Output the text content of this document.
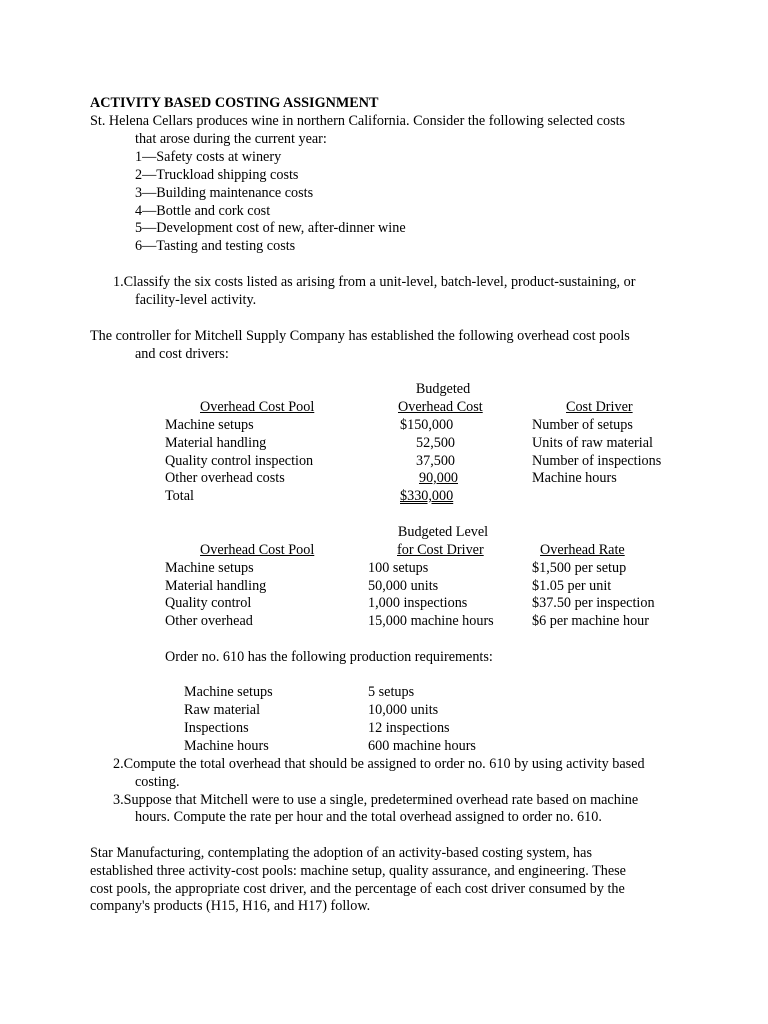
ACTIVITY BASED COSTING ASSIGNMENT
St. Helena Cellars produces wine in northern California. Consider the following selected costs
that arose during the current year:
1—Safety costs at winery
2—Truckload shipping costs
3—Building maintenance costs
4—Bottle and cork cost
5—Development cost of new, after-dinner wine
6—Tasting and testing costs
1.Classify the six costs listed as arising from a unit-level, batch-level, product-sustaining, or
facility-level activity.
The controller for Mitchell Supply Company has established the following overhead cost pools
and cost drivers:
Budgeted
Overhead Cost Pool	Overhead Cost	Cost Driver
Machine setups	$150,000	Number of setups
Material handling	52,500	Units of raw material
Quality control inspection	37,500	Number of inspections
Other overhead costs	90,000	Machine hours
Total	$330,000
Budgeted Level
Overhead Cost Pool	for Cost Driver	Overhead Rate
Machine setups	100 setups	$1,500 per setup
Material handling	50,000 units	$1.05 per unit
Quality control	1,000 inspections	$37.50 per inspection
Other overhead	15,000 machine hours	$6 per machine hour
Order no. 610 has the following production requirements:
Machine setups	5 setups
Raw material	10,000 units
Inspections	12 inspections
Machine hours	600 machine hours
2.Compute the total overhead that should be assigned to order no. 610 by using activity based
costing.
3.Suppose that Mitchell were to use a single, predetermined overhead rate based on machine
hours. Compute the rate per hour and the total overhead assigned to order no. 610.
Star Manufacturing, contemplating the adoption of an activity-based costing system, has
established three activity-cost pools: machine setup, quality assurance, and engineering. These
cost pools, the appropriate cost driver, and the percentage of each cost driver consumed by the
company's products (H15, H16, and H17) follow.
